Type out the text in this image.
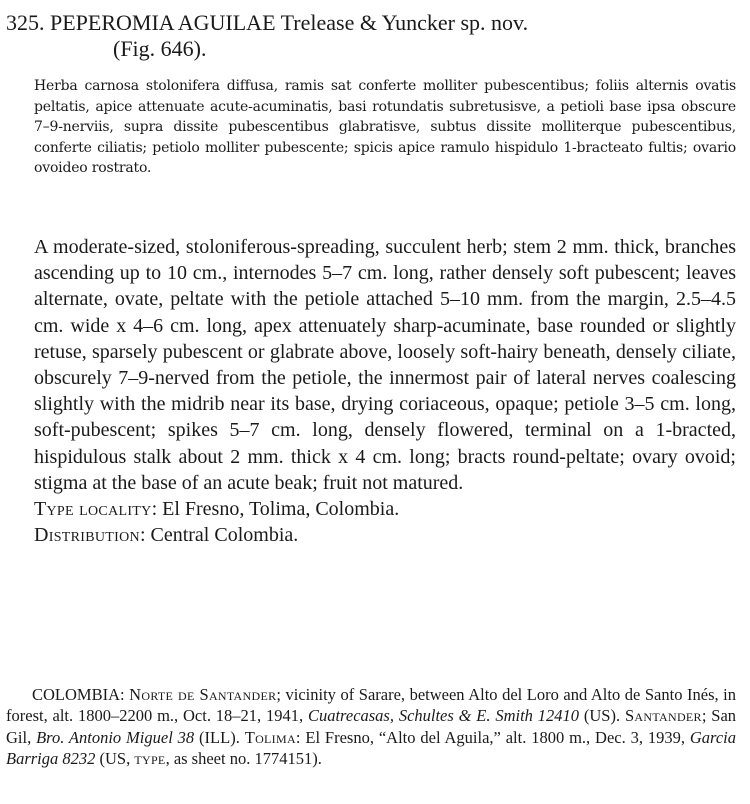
325. PEPEROMIA AGUILAE Trelease & Yuncker sp. nov.
(Fig. 646).
Herba carnosa stolonifera diffusa, ramis sat conferte molliter pubescentibus; foliis alternis ovatis peltatis, apice attenuate acute-acuminatis, basi rotundatis subretusisve, a petioli base ipsa obscure 7–9-nerviis, supra dissite pubescentibus glabratisve, subtus dissite molliterque pubescentibus, conferte ciliatis; petiolo molliter pubescente; spicis apice ramulo hispidulo 1-bracteato fultis; ovario ovoideo rostrato.

A moderate-sized, stoloniferous-spreading, succulent herb; stem 2 mm. thick, branches ascending up to 10 cm., internodes 5–7 cm. long, rather densely soft pubescent; leaves alternate, ovate, peltate with the petiole attached 5–10 mm. from the margin, 2.5–4.5 cm. wide x 4–6 cm. long, apex attenuately sharp-acuminate, base rounded or slightly retuse, sparsely pubescent or glabrate above, loosely soft-hairy beneath, densely ciliate, obscurely 7–9-nerved from the petiole, the innermost pair of lateral nerves coalescing slightly with the midrib near its base, drying coriaceous, opaque; petiole 3–5 cm. long, soft-pubescent; spikes 5–7 cm. long, densely flowered, terminal on a 1-bracted, hispidulous stalk about 2 mm. thick x 4 cm. long; bracts round-peltate; ovary ovoid; stigma at the base of an acute beak; fruit not matured.

Type locality: El Fresno, Tolima, Colombia.

Distribution: Central Colombia.

COLOMBIA: Norte de Santander; vicinity of Sarare, between Alto del Loro and Alto de Santo Inés, in forest, alt. 1800–2200 m., Oct. 18–21, 1941, Cuatrecasas, Schultes & E. Smith 12410 (US). Santander; San Gil, Bro. Antonio Miguel 38 (ILL). Tolima: El Fresno, “Alto del Aguila,” alt. 1800 m., Dec. 3, 1939, Garcia Barriga 8232 (US, type, as sheet no. 1774151).
